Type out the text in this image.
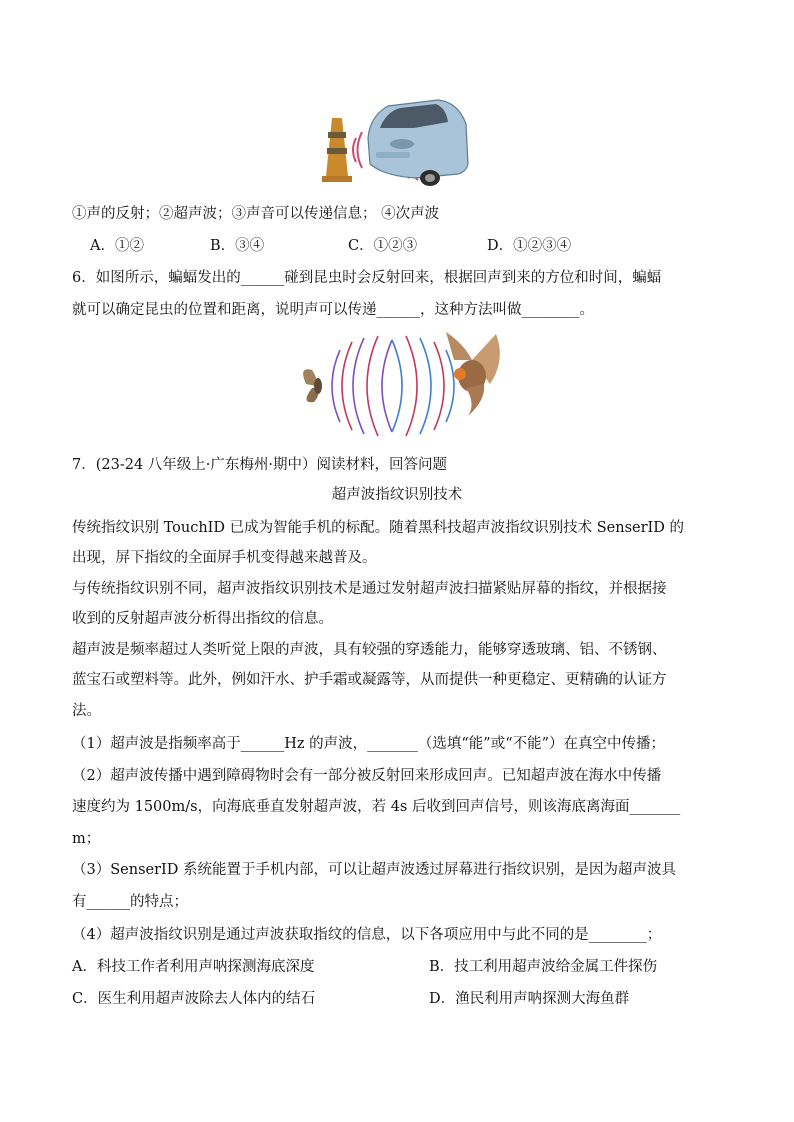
①声的反射；②超声波；③声音可以传递信息； ④次声波
A．①②	B．③④	C．①②③	D．①②③④
6．如图所示，蝙蝠发出的______碰到昆虫时会反射回来，根据回声到来的方位和时间，蝙蝠
就可以确定昆虫的位置和距离，说明声可以传递______，这种方法叫做________。
7．(23-24 八年级上·广东梅州·期中）阅读材料，回答问题
超声波指纹识别技术
传统指纹识别 TouchID 已成为智能手机的标配。随着黑科技超声波指纹识别技术 SenserID 的
出现，屏下指纹的全面屏手机变得越来越普及。
与传统指纹识别不同，超声波指纹识别技术是通过发射超声波扫描紧贴屏幕的指纹，并根据接
收到的反射超声波分析得出指纹的信息。
超声波是频率超过人类听觉上限的声波，具有较强的穿透能力，能够穿透玻璃、铝、不锈钢、
蓝宝石或塑料等。此外，例如汗水、护手霜或凝露等，从而提供一种更稳定、更精确的认证方
法。
（1）超声波是指频率高于______Hz 的声波，_______（选填“能”或“不能”）在真空中传播；
（2）超声波传播中遇到障碍物时会有一部分被反射回来形成回声。已知超声波在海水中传播
速度约为 1500m/s，向海底垂直发射超声波，若 4s 后收到回声信号，则该海底离海面_______
m；
（3）SenserID 系统能置于手机内部，可以让超声波透过屏幕进行指纹识别，是因为超声波具
有______的特点；
（4）超声波指纹识别是通过声波获取指纹的信息，以下各项应用中与此不同的是________；
A．科技工作者利用声呐探测海底深度	B．技工利用超声波给金属工件探伤
C．医生利用超声波除去人体内的结石	D．渔民利用声呐探测大海鱼群
